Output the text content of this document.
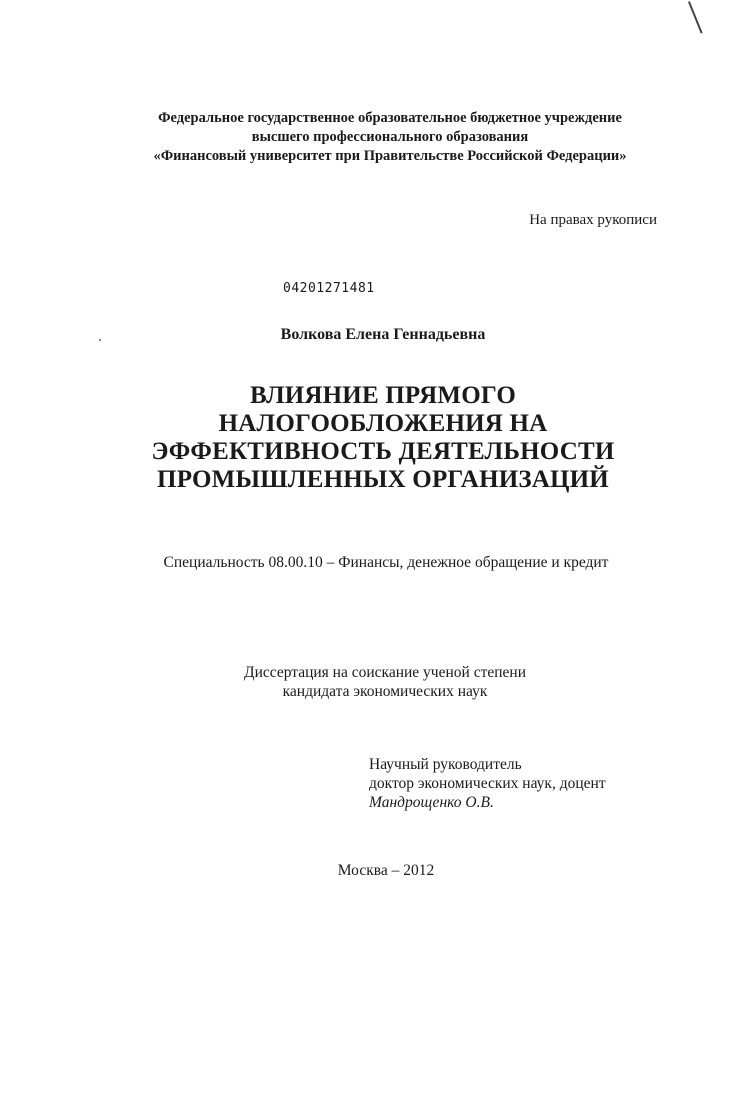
Федеральное государственное образовательное бюджетное учреждение
высшего профессионального образования
«Финансовый университет при Правительстве Российской Федерации»
На правах рукописи
04201271481
Волкова Елена Геннадьевна
ВЛИЯНИЕ ПРЯМОГО
НАЛОГООБЛОЖЕНИЯ НА
ЭФФЕКТИВНОСТЬ ДЕЯТЕЛЬНОСТИ
ПРОМЫШЛЕННЫХ ОРГАНИЗАЦИЙ
Специальность 08.00.10 – Финансы, денежное обращение и кредит
Диссертация на соискание ученой степени
кандидата экономических наук
Научный руководитель
доктор экономических наук, доцент
Мандрощенко О.В.
Москва – 2012
